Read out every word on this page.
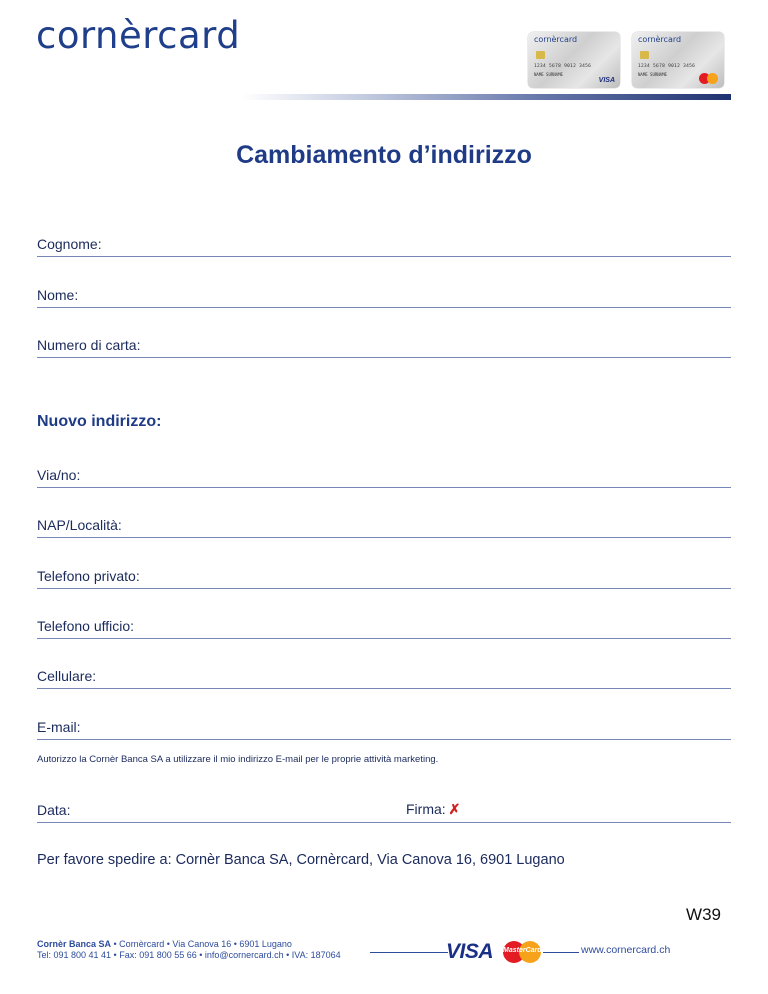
cornèrcard	cornèrcard
1234 5678 9012 3456
NAME SURNAME
VISA
cornèrcard
1234 5678 9012 3456
NAME SURNAME
Cambiamento d’indirizzo
Cognome:
Nome:
Numero di carta:
Nuovo indirizzo:
Via/no:
NAP/Località:
Telefono privato:
Telefono ufficio:
Cellulare:
E-mail:
Autorizzo la Cornèr Banca SA a utilizzare il mio indirizzo E-mail per le proprie attività marketing.
Data:	Firma: ✗
Per favore spedire a: Cornèr Banca SA, Cornèrcard, Via Canova 16, 6901 Lugano
W39
Cornèr Banca SA • Cornèrcard • Via Canova 16 • 6901 Lugano
Tel: 091 800 41 41 • Fax: 091 800 55 66 • info@cornercard.ch • IVA: 187064	VISA MasterCard	www.cornercard.ch
